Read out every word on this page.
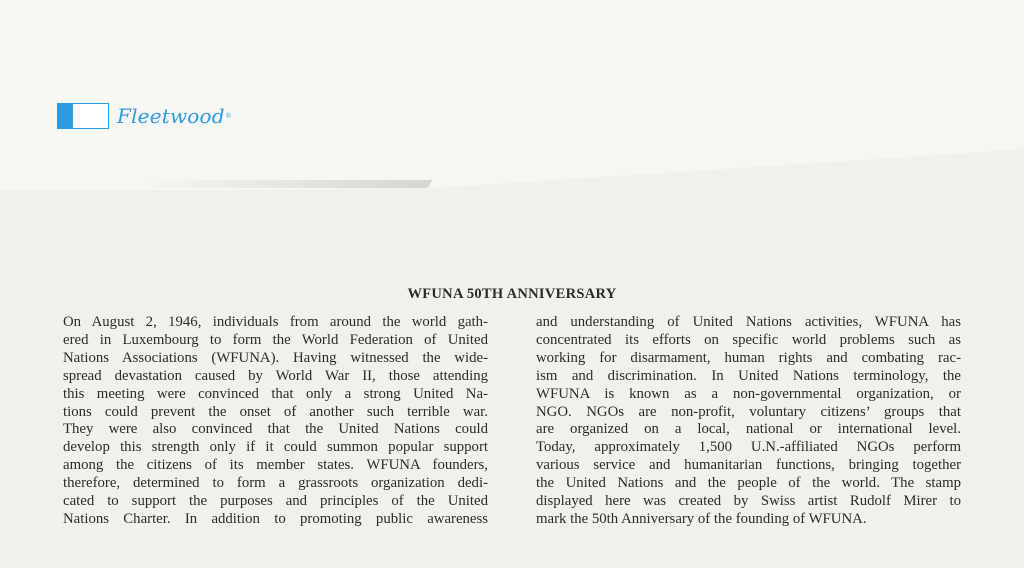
Fleetwood ®
WFUNA 50TH ANNIVERSARY
On August 2, 1946, individuals from around the world gath-
ered in Luxembourg to form the World Federation of United
Nations Associations (WFUNA). Having witnessed the wide-
spread devastation caused by World War II, those attending
this meeting were convinced that only a strong United Na-
tions could prevent the onset of another such terrible war.
They were also convinced that the United Nations could
develop this strength only if it could summon popular support
among the citizens of its member states. WFUNA founders,
therefore, determined to form a grassroots organization dedi-
cated to support the purposes and principles of the United
Nations Charter. In addition to promoting public awareness
and understanding of United Nations activities, WFUNA has
concentrated its efforts on specific world problems such as
working for disarmament, human rights and combating rac-
ism and discrimination. In United Nations terminology, the
WFUNA is known as a non-governmental organization, or
NGO. NGOs are non-profit, voluntary citizens’ groups that
are organized on a local, national or international level.
Today, approximately 1,500 U.N.-affiliated NGOs perform
various service and humanitarian functions, bringing together
the United Nations and the people of the world. The stamp
displayed here was created by Swiss artist Rudolf Mirer to
mark the 50th Anniversary of the founding of WFUNA.
